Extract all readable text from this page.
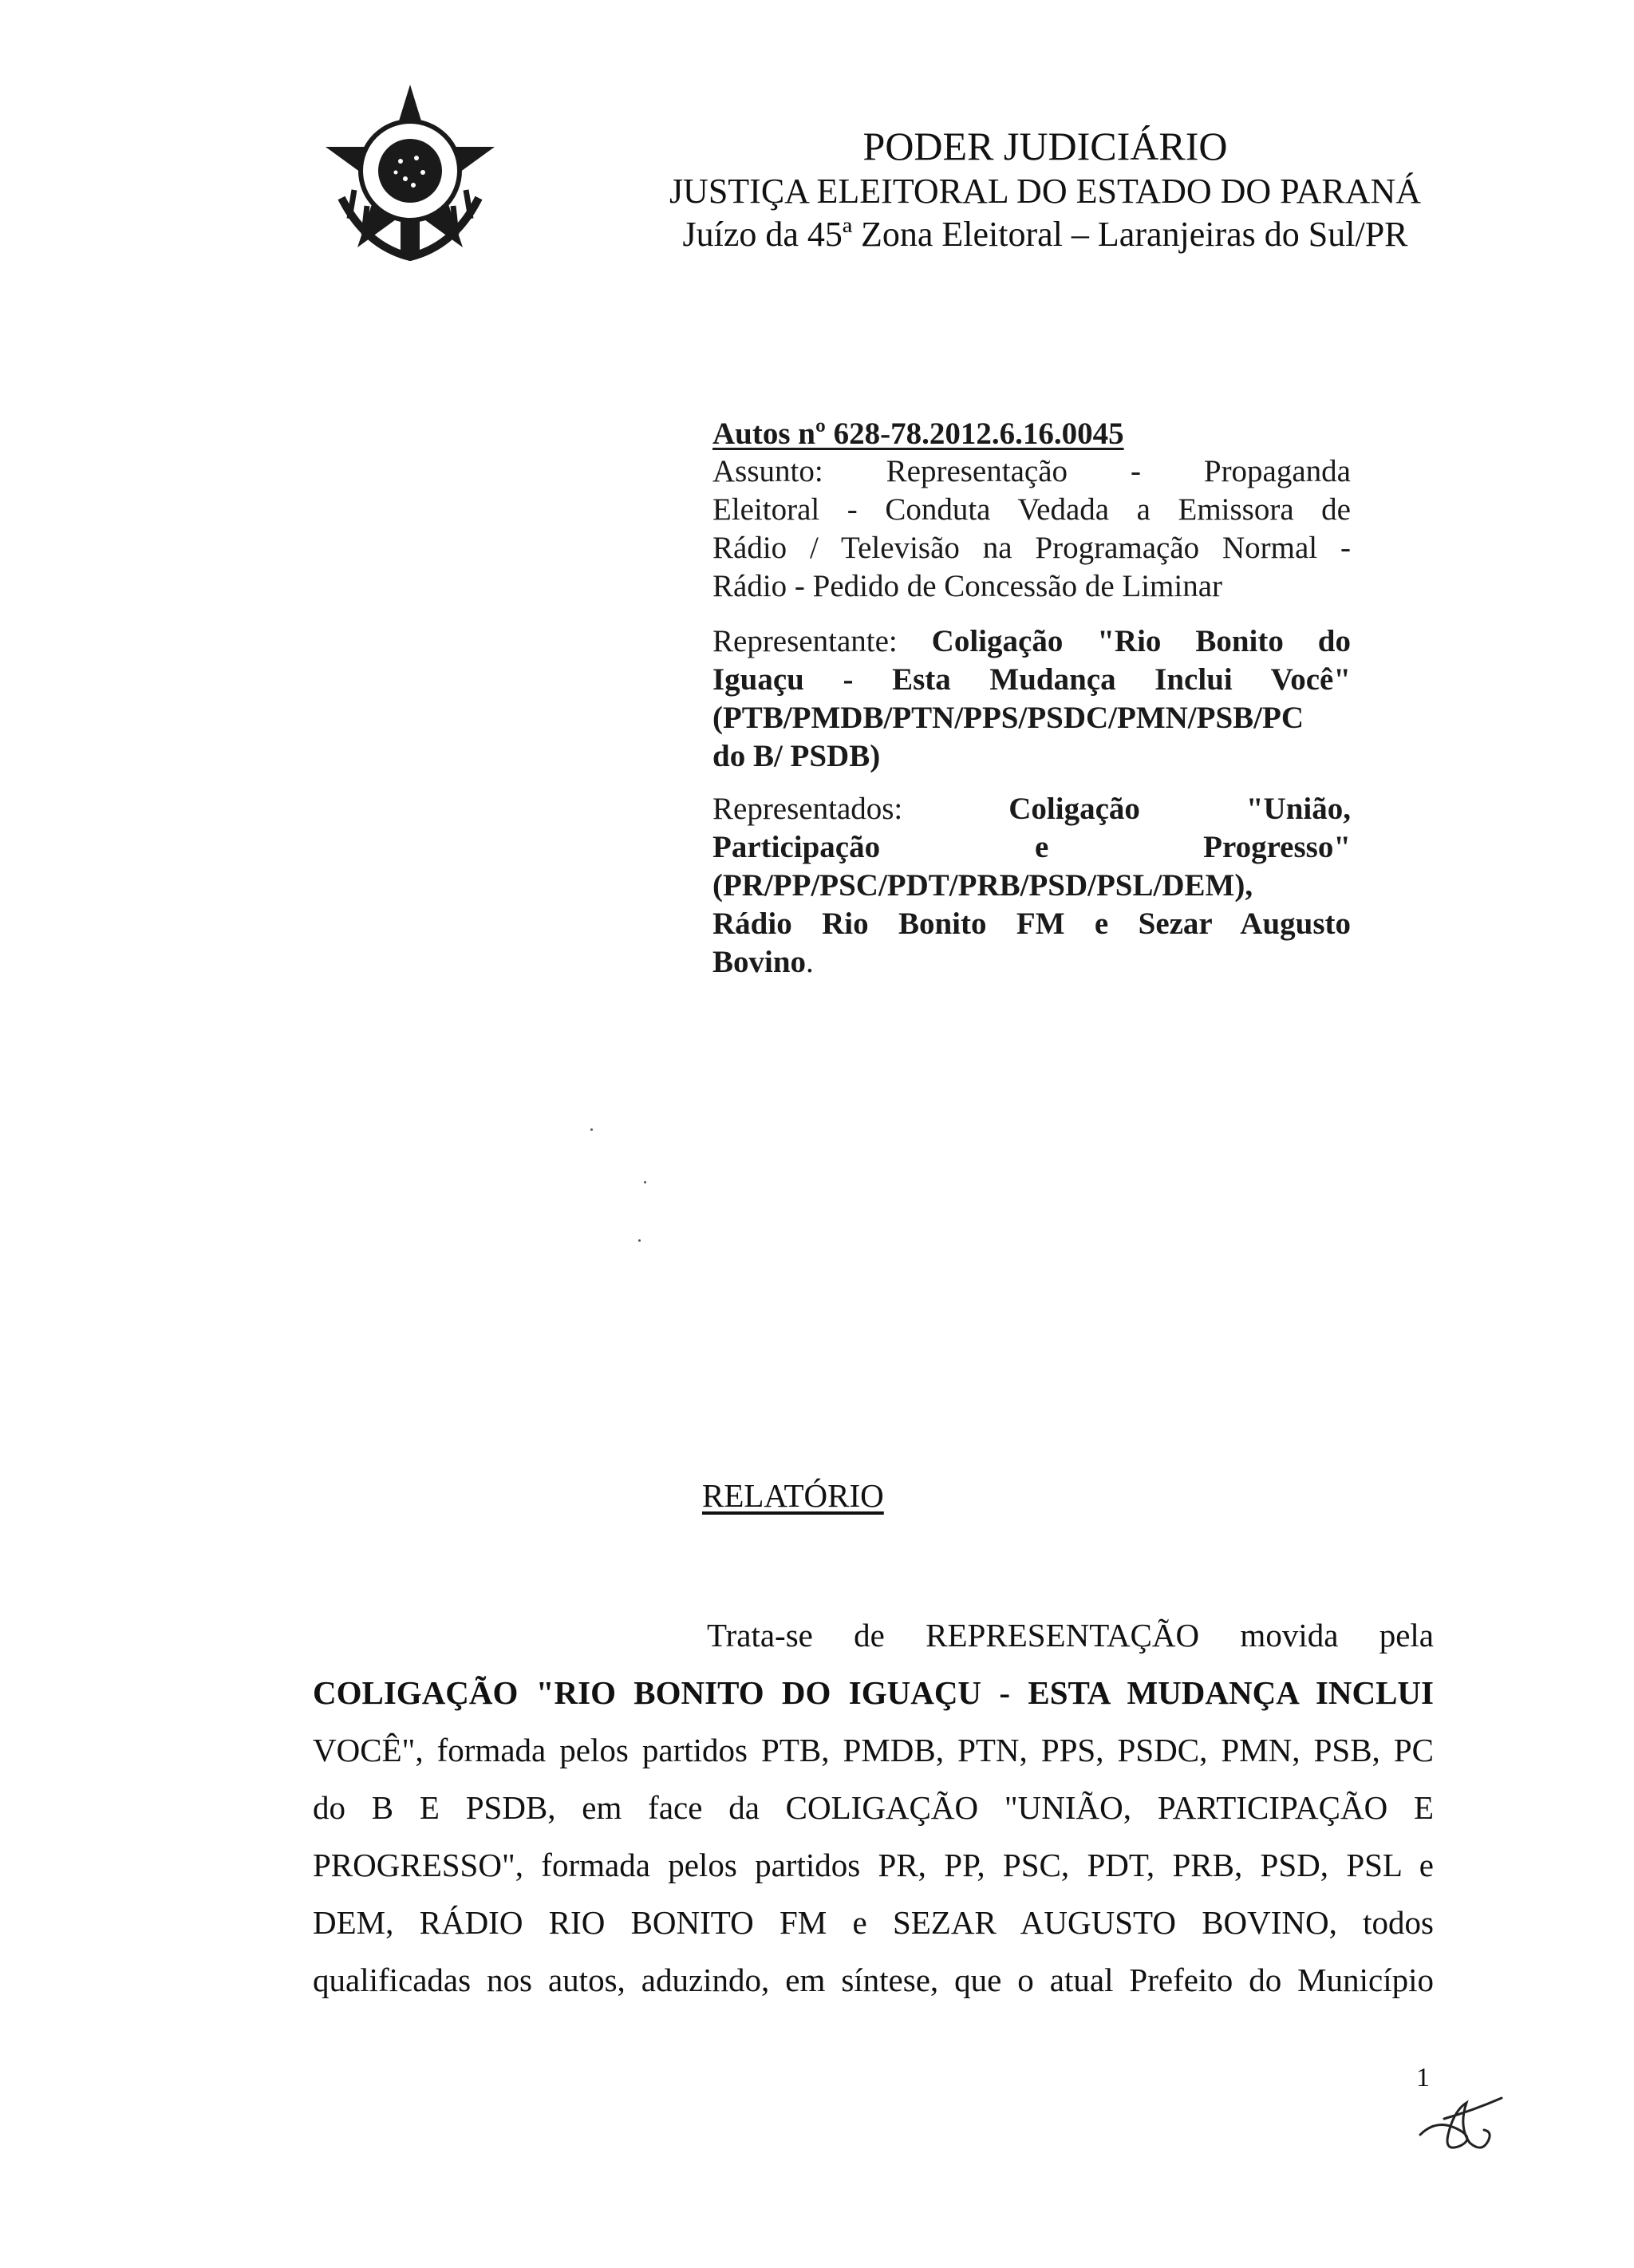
PODER JUDICIÁRIO
JUSTIÇA ELEITORAL DO ESTADO DO PARANÁ
Juízo da 45ª Zona Eleitoral – Laranjeiras do Sul/PR
Autos nº 628-78.2012.6.16.0045
Assunto: Representação - Propaganda
Eleitoral - Conduta Vedada a Emissora de
Rádio / Televisão na Programação Normal -
Rádio - Pedido de Concessão de Liminar
Representante: Coligação "Rio Bonito do
Iguaçu - Esta Mudança Inclui Você"
(PTB/PMDB/PTN/PPS/PSDC/PMN/PSB/PC
do B/ PSDB)
Representados:	Coligação "União,
Participação e Progresso"
(PR/PP/PSC/PDT/PRB/PSD/PSL/DEM),
Rádio Rio Bonito FM e Sezar Augusto
Bovino.
RELATÓRIO

Trata-se de REPRESENTAÇÃO movida pela

COLIGAÇÃO "RIO BONITO DO IGUAÇU - ESTA MUDANÇA INCLUI

VOCÊ", formada pelos partidos PTB, PMDB, PTN, PPS, PSDC, PMN, PSB, PC

do B E PSDB, em face da COLIGAÇÃO "UNIÃO, PARTICIPAÇÃO E

PROGRESSO", formada pelos partidos PR, PP, PSC, PDT, PRB, PSD, PSL e

DEM, RÁDIO RIO BONITO FM e SEZAR AUGUSTO BOVINO, todos

qualificadas nos autos, aduzindo, em síntese, que o atual Prefeito do Município

1
